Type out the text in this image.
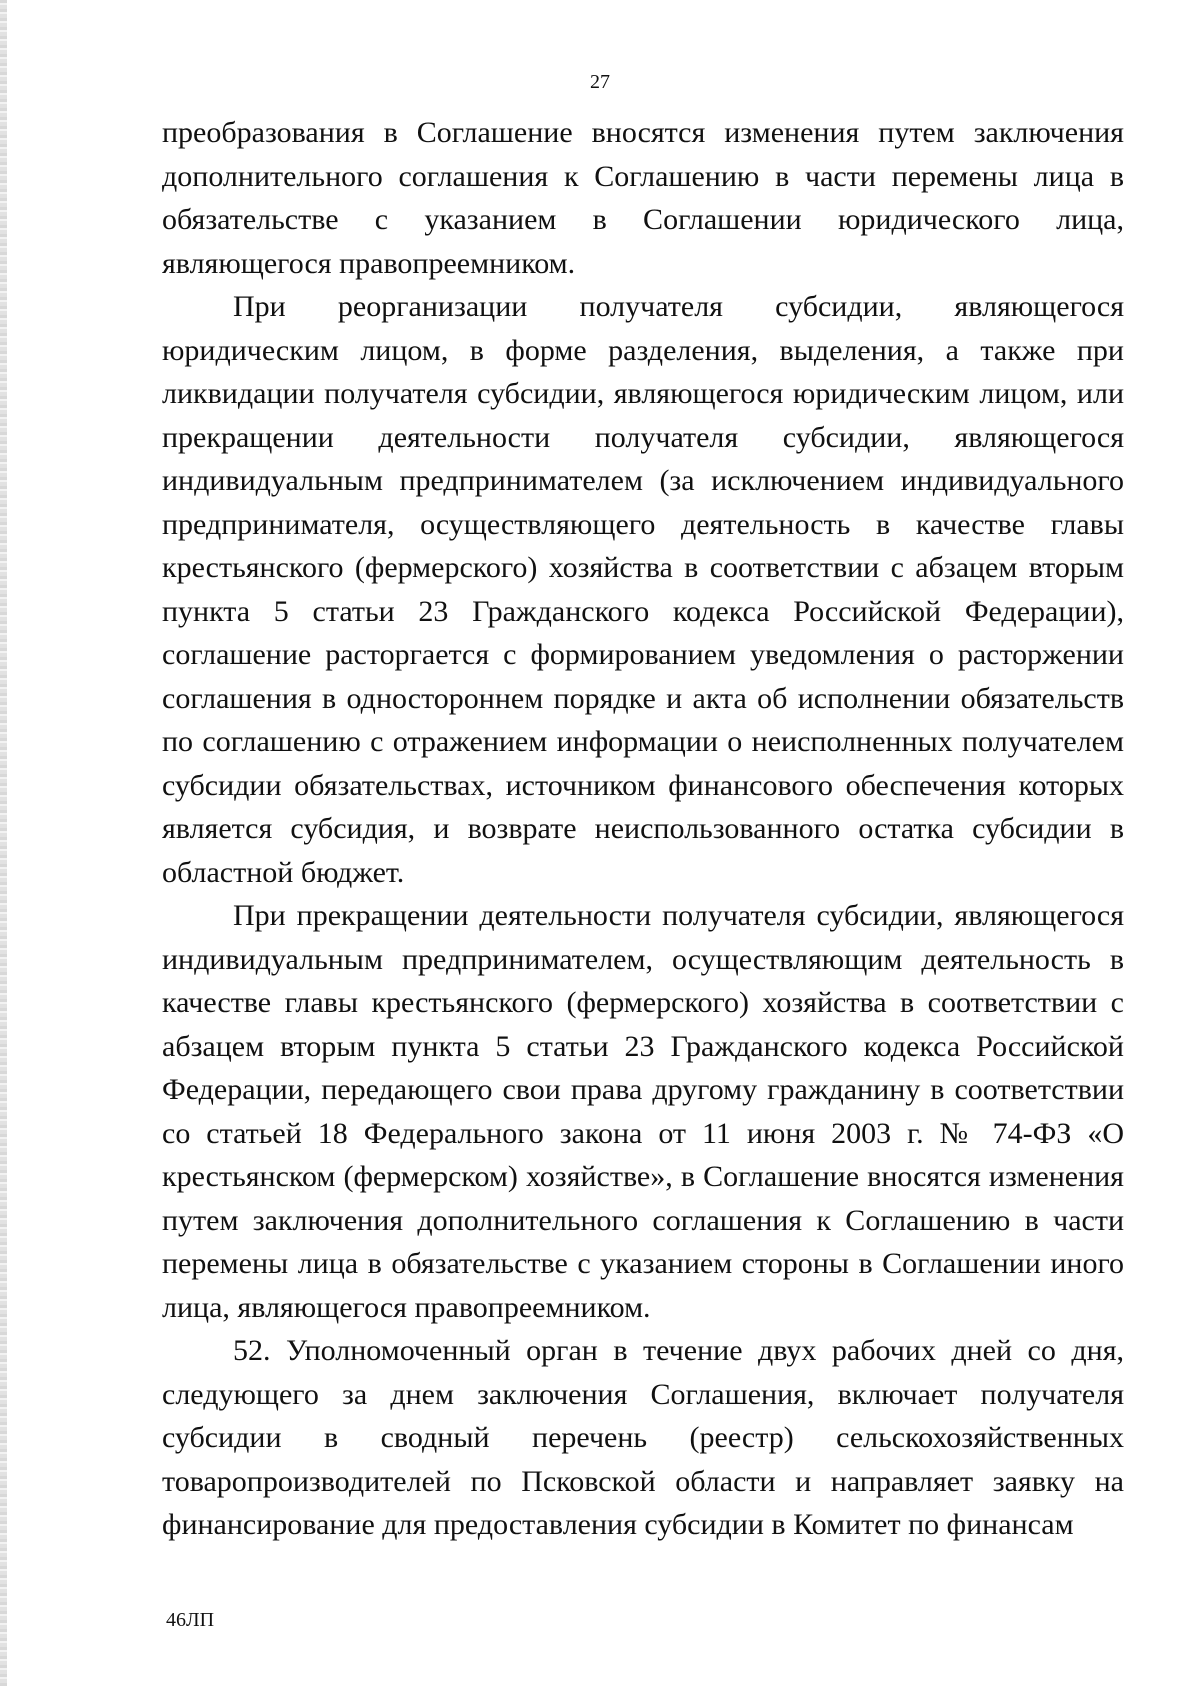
27

преобразования в Соглашение вносятся изменения путем заключения дополнительного соглашения к Соглашению в части перемены лица в обязательстве с указанием в Соглашении юридического лица, являющегося правопреемником.

При реорганизации получателя субсидии, являющегося юридическим лицом, в форме разделения, выделения, а также при ликвидации получателя субсидии, являющегося юридическим лицом, или прекращении деятельности получателя субсидии, являющегося индивидуальным предпринимателем (за исключением индивидуального предпринимателя, осуществляющего деятельность в качестве главы крестьянского (фермерского) хозяйства в соответствии с абзацем вторым пункта 5 статьи 23 Гражданского кодекса Российской Федерации), соглашение расторгается с формированием уведомления о расторжении соглашения в одностороннем порядке и акта об исполнении обязательств по соглашению с отражением информации о неисполненных получателем субсидии обязательствах, источником финансового обеспечения которых является субсидия, и возврате неиспользованного остатка субсидии в областной бюджет.

При прекращении деятельности получателя субсидии, являющегося индивидуальным предпринимателем, осуществляющим деятельность в качестве главы крестьянского (фермерского) хозяйства в соответствии с абзацем вторым пункта 5 статьи 23 Гражданского кодекса Российской Федерации, передающего свои права другому гражданину в соответствии со статьей 18 Федерального закона от 11 июня 2003 г. № 74-ФЗ «О крестьянском (фермерском) хозяйстве», в Соглашение вносятся изменения путем заключения дополнительного соглашения к Соглашению в части перемены лица в обязательстве с указанием стороны в Соглашении иного лица, являющегося правопреемником.

52. Уполномоченный орган в течение двух рабочих дней со дня, следующего за днем заключения Соглашения, включает получателя субсидии в сводный перечень (реестр) сельскохозяйственных товаропроизводителей по Псковской области и направляет заявку на финансирование для предоставления субсидии в Комитет по финансам

46ЛП
